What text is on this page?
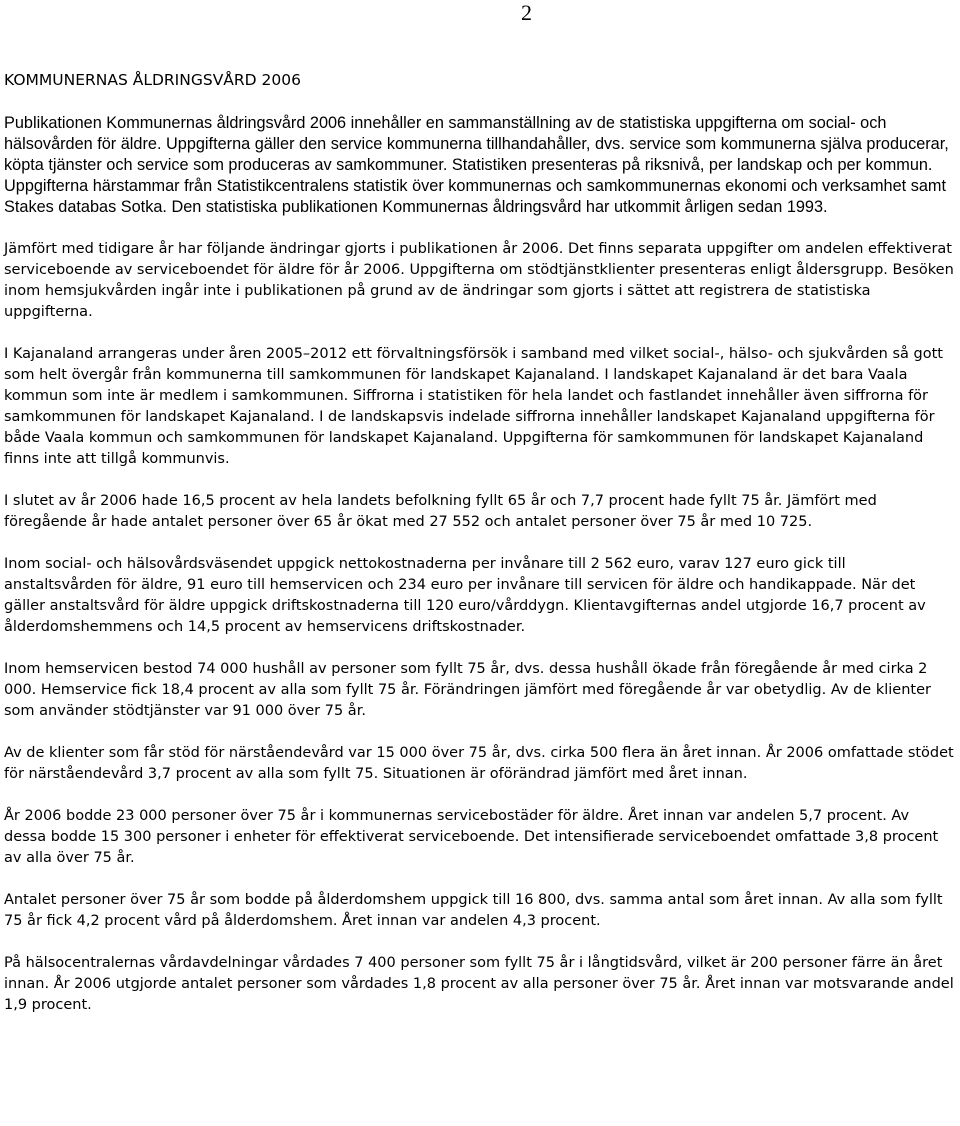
2
KOMMUNERNAS ÅLDRINGSVÅRD 2006

Publikationen Kommunernas åldringsvård 2006 innehåller en sammanställning av de statistiska uppgifterna om social- och hälsovården för äldre. Uppgifterna gäller den service kommunerna tillhandahåller, dvs. service som kommunerna själva producerar, köpta tjänster och service som produceras av samkommuner. Statistiken presenteras på riksnivå, per landskap och per kommun. Uppgifterna härstammar från Statistikcentralens statistik över kommunernas och samkommunernas ekonomi och verksamhet samt Stakes databas Sotka. Den statistiska publikationen Kommunernas åldringsvård har utkommit årligen sedan 1993.

Jämfört med tidigare år har följande ändringar gjorts i publikationen år 2006. Det finns separata uppgifter om andelen effektiverat serviceboende av serviceboendet för äldre för år 2006. Uppgifterna om stödtjänstklienter presenteras enligt åldersgrupp. Besöken inom hemsjukvården ingår inte i publikationen på grund av de ändringar som gjorts i sättet att registrera de statistiska uppgifterna.

I Kajanaland arrangeras under åren 2005–2012 ett förvaltningsförsök i samband med vilket social-, hälso- och sjukvården så gott som helt övergår från kommunerna till samkommunen för landskapet Kajanaland. I landskapet Kajanaland är det bara Vaala kommun som inte är medlem i samkommunen. Siffrorna i statistiken för hela landet och fastlandet innehåller även siffrorna för samkommunen för landskapet Kajanaland. I de landskapsvis indelade siffrorna innehåller landskapet Kajanaland uppgifterna för både Vaala kommun och samkommunen för landskapet Kajanaland. Uppgifterna för samkommunen för landskapet Kajanaland finns inte att tillgå kommunvis.

I slutet av år 2006 hade 16,5 procent av hela landets befolkning fyllt 65 år och 7,7 procent hade fyllt 75 år. Jämfört med föregående år hade antalet personer över 65 år ökat med 27 552 och antalet personer över 75 år med 10 725.

Inom social- och hälsovårdsväsendet uppgick nettokostnaderna per invånare till 2 562 euro, varav 127 euro gick till anstaltsvården för äldre, 91 euro till hemservicen och 234 euro per invånare till servicen för äldre och handikappade. När det gäller anstaltsvård för äldre uppgick driftskostnaderna till 120 euro/vårddygn. Klientavgifternas andel utgjorde 16,7 procent av ålderdomshemmens och 14,5 procent av hemservicens driftskostnader.

Inom hemservicen bestod 74 000 hushåll av personer som fyllt 75 år, dvs. dessa hushåll ökade från föregående år med cirka 2 000. Hemservice fick 18,4 procent av alla som fyllt 75 år. Förändringen jämfört med föregående år var obetydlig. Av de klienter som använder stödtjänster var 91 000 över 75 år.

Av de klienter som får stöd för närståendevård var 15 000 över 75 år, dvs. cirka 500 flera än året innan. År 2006 omfattade stödet för närståendevård 3,7 procent av alla som fyllt 75. Situationen är oförändrad jämfört med året innan.

År 2006 bodde 23 000 personer över 75 år i kommunernas servicebostäder för äldre. Året innan var andelen 5,7 procent. Av dessa bodde 15 300 personer i enheter för effektiverat serviceboende. Det intensifierade serviceboendet omfattade 3,8 procent av alla över 75 år.

Antalet personer över 75 år som bodde på ålderdomshem uppgick till 16 800, dvs. samma antal som året innan. Av alla som fyllt 75 år fick 4,2 procent vård på ålderdomshem. Året innan var andelen 4,3 procent.

På hälsocentralernas vårdavdelningar vårdades 7 400 personer som fyllt 75 år i långtidsvård, vilket är 200 personer färre än året innan. År 2006 utgjorde antalet personer som vårdades 1,8 procent av alla personer över 75 år. Året innan var motsvarande andel 1,9 procent.
